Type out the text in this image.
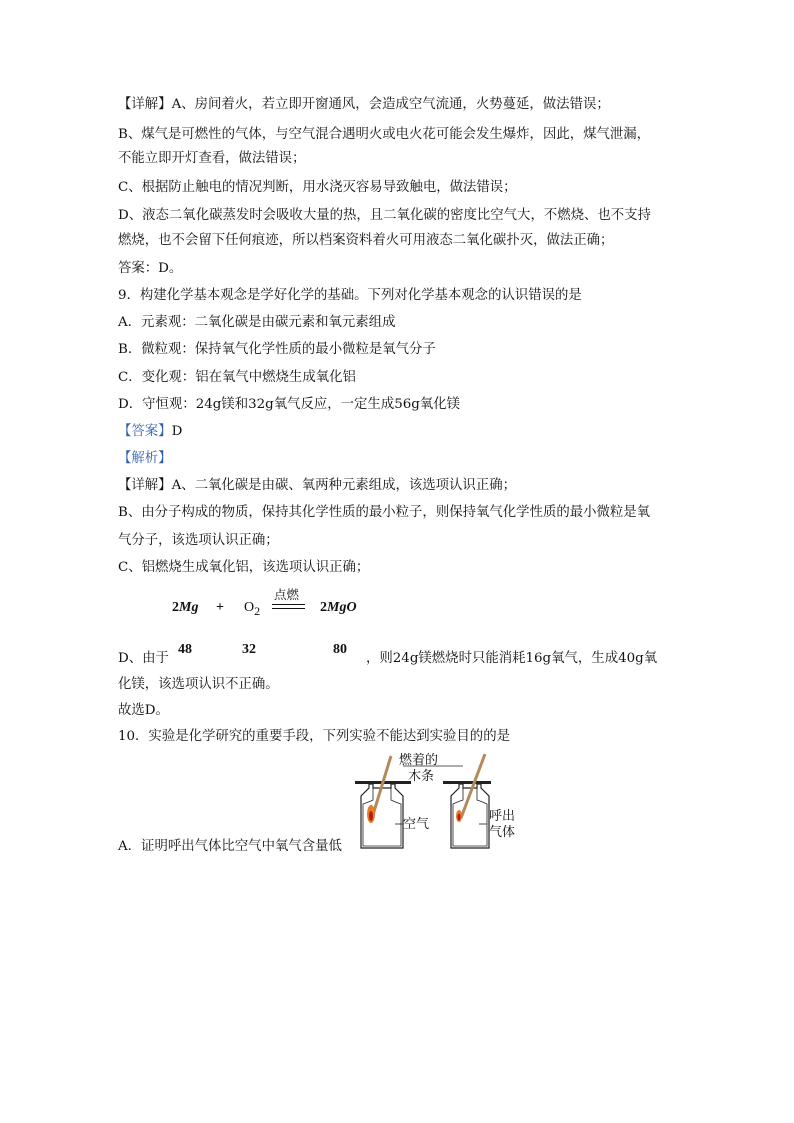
【详解】A、房间着火，若立即开窗通风，会造成空气流通，火势蔓延，做法错误；
B、煤气是可燃性的气体，与空气混合遇明火或电火花可能会发生爆炸，因此，煤气泄漏，
不能立即开灯查看，做法错误；
C、根据防止触电的情况判断，用水浇灭容易导致触电，做法错误；
D、液态二氧化碳蒸发时会吸收大量的热，且二氧化碳的密度比空气大，不燃烧、也不支持
燃烧，也不会留下任何痕迹，所以档案资料着火可用液态二氧化碳扑灭，做法正确；
答案：D。
9．构建化学基本观念是学好化学的基础。下列对化学基本观念的认识错误的是
A．元素观：二氧化碳是由碳元素和氧元素组成
B．微粒观：保持氧气化学性质的最小微粒是氧气分子
C．变化观：铝在氧气中燃烧生成氧化铝
D．守恒观：24g镁和32g氧气反应，一定生成56g氧化镁
【答案】D
【解析】
【详解】A、二氧化碳是由碳、氧两种元素组成，该选项认识正确；
B、由分子构成的物质，保持其化学性质的最小粒子，则保持氧气化学性质的最小微粒是氧
气分子，该选项认识正确；
C、铝燃烧生成氧化铝，该选项认识正确；
$2Mg + O_2$
点燃
2MgO
D、由于
48	32	80
，则24g镁燃烧时只能消耗16g氧气，生成40g氧
化镁，该选项认识不正确。
故选D。
10．实验是化学研究的重要手段，下列实验不能达到实验目的的是
A．证明呼出气体比空气中氧气含量低
燃着的
木条
空气
呼出
气体
